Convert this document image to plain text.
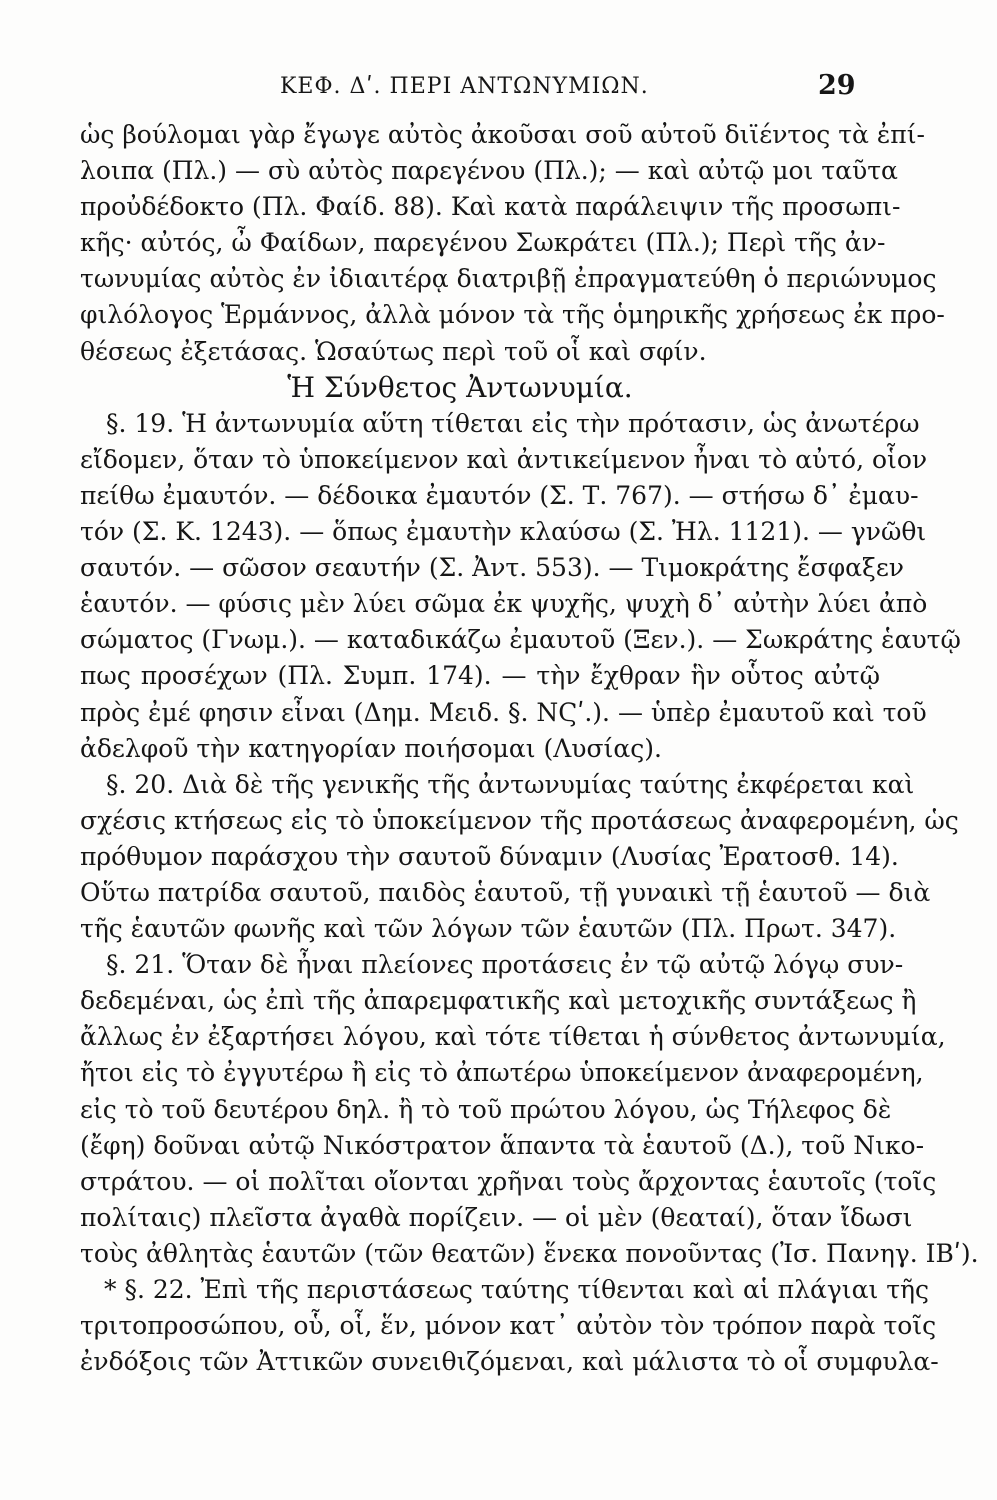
ΚΕΦ. Δʹ. ΠΕΡΙ ΑΝΤΩΝΥΜΙΩΝ.	29
ὡς βούλομαι γὰρ ἔγωγε αὐτὸς ἀκοῦσαι σοῦ αὐτοῦ διϊέντος τὰ ἐπί-
λοιπα (Πλ.) — σὺ αὐτὸς παρεγένου (Πλ.); — καὶ αὐτῷ μοι ταῦτα
προὐδέδοκτο (Πλ. Φαίδ. 88). Καὶ κατὰ παράλειψιν τῆς προσωπι-
κῆς· αὐτός, ὦ Φαίδων, παρεγένου Σωκράτει (Πλ.); Περὶ τῆς ἀν-
τωνυμίας αὐτὸς ἐν ἰδιαιτέρᾳ διατριβῇ ἐπραγματεύθη ὁ περιώνυμος
φιλόλογος Ἑρμάννος, ἀλλὰ μόνον τὰ τῆς ὁμηρικῆς χρήσεως ἐκ προ-
θέσεως ἐξετάσας. Ὡσαύτως περὶ τοῦ οἷ καὶ σφίν.
Ἡ Σύνθετος Ἀντωνυμία.
§. 19. Ἡ ἀντωνυμία αὕτη τίθεται εἰς τὴν πρότασιν, ὡς ἀνωτέρω
εἴδομεν, ὅταν τὸ ὑποκείμενον καὶ ἀντικείμενον ἦναι τὸ αὐτό, οἷον
πείθω ἐμαυτόν. — δέδοικα ἐμαυτόν (Σ. Τ. 767). — στήσω δ᾿ ἐμαυ-
τόν (Σ. Κ. 1243). — ὅπως ἐμαυτὴν κλαύσω (Σ. Ἠλ. 1121). — γνῶθι
σαυτόν. — σῶσον σεαυτήν (Σ. Ἀντ. 553). — Τιμοκράτης ἔσφαξεν
ἑαυτόν. — φύσις μὲν λύει σῶμα ἐκ ψυχῆς, ψυχὴ δ᾿ αὐτὴν λύει ἀπὸ
σώματος (Γνωμ.). — καταδικάζω ἐμαυτοῦ (Ξεν.). — Σωκράτης ἑαυτῷ
πως προσέχων (Πλ. Συμπ. 174). — τὴν ἔχθραν ἣν οὗτος αὐτῷ
πρὸς ἐμέ φησιν εἶναι (Δημ. Μειδ. §. ΝϚʹ.). — ὑπὲρ ἐμαυτοῦ καὶ τοῦ
ἀδελφοῦ τὴν κατηγορίαν ποιήσομαι (Λυσίας).
§. 20. Διὰ δὲ τῆς γενικῆς τῆς ἀντωνυμίας ταύτης ἐκφέρεται καὶ
σχέσις κτήσεως εἰς τὸ ὑποκείμενον τῆς προτάσεως ἀναφερομένη, ὡς
πρόθυμον παράσχου τὴν σαυτοῦ δύναμιν (Λυσίας Ἐρατοσθ. 14).
Οὕτω πατρίδα σαυτοῦ, παιδὸς ἑαυτοῦ, τῇ γυναικὶ τῇ ἑαυτοῦ — διὰ
τῆς ἑαυτῶν φωνῆς καὶ τῶν λόγων τῶν ἑαυτῶν (Πλ. Πρωτ. 347).
§. 21. Ὅταν δὲ ἦναι πλείονες προτάσεις ἐν τῷ αὐτῷ λόγῳ συν-
δεδεμέναι, ὡς ἐπὶ τῆς ἀπαρεμφατικῆς καὶ μετοχικῆς συντάξεως ἢ
ἄλλως ἐν ἐξαρτήσει λόγου, καὶ τότε τίθεται ἡ σύνθετος ἀντωνυμία,
ἤτοι εἰς τὸ ἐγγυτέρω ἢ εἰς τὸ ἀπωτέρω ὑποκείμενον ἀναφερομένη,
εἰς τὸ τοῦ δευτέρου δηλ. ἢ τὸ τοῦ πρώτου λόγου, ὡς Τήλεφος δὲ
(ἔφη) δοῦναι αὐτῷ Νικόστρατον ἅπαντα τὰ ἑαυτοῦ (Δ.), τοῦ Νικο-
στράτου. — οἱ πολῖται οἴονται χρῆναι τοὺς ἄρχοντας ἑαυτοῖς (τοῖς
πολίταις) πλεῖστα ἀγαθὰ πορίζειν. — οἱ μὲν (θεαταί), ὅταν ἴδωσι
τοὺς ἀθλητὰς ἑαυτῶν (τῶν θεατῶν) ἕνεκα πονοῦντας (Ἰσ. Πανηγ. ΙΒʹ).
* §. 22. Ἐπὶ τῆς περιστάσεως ταύτης τίθενται καὶ αἱ πλάγιαι τῆς
τριτοπροσώπου, οὗ, οἷ, ἕν, μόνον κατ᾿ αὐτὸν τὸν τρόπον παρὰ τοῖς
ἐνδόξοις τῶν Ἀττικῶν συνειθιζόμεναι, καὶ μάλιστα τὸ οἷ συμφυλα-
